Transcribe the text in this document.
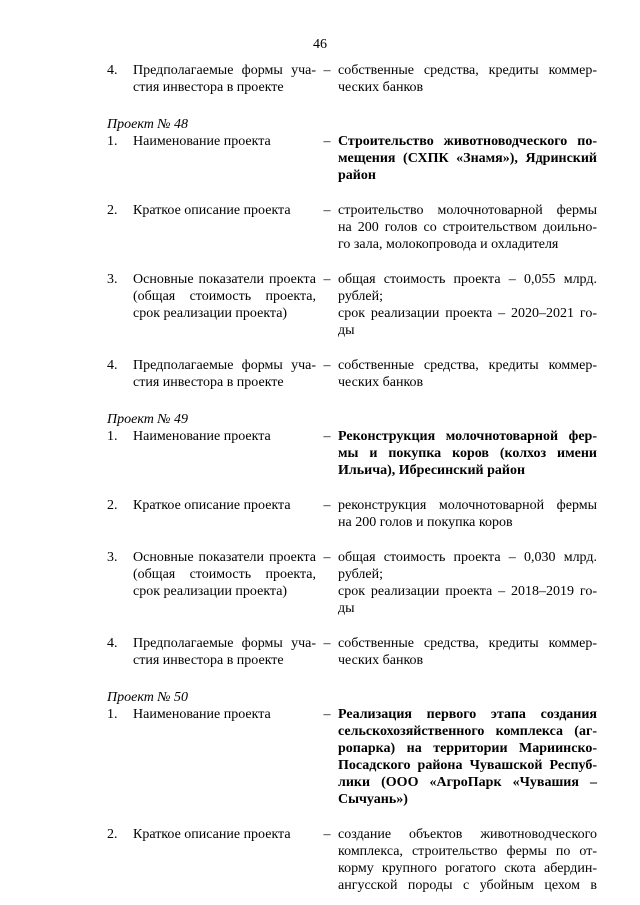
46
4.	Предполагаемые формы уча-
стия инвестора в проекте
– собственные средства, кредиты коммер-
ческих банков
Проект № 48
1.	Наименование проекта	– Строительство животноводческого по-
мещения (СХПК «Знамя»), Ядринский
район
2.	Краткое описание проекта	– строительство молочнотоварной фермы
на 200 голов со строительством доильно-
го зала, молокопровода и охладителя
3.	Основные показатели проекта
(общая стоимость проекта,
срок реализации проекта)
– общая стоимость проекта – 0,055 млрд.
рублей;
срок реализации проекта – 2020–2021 го-
ды
4.	Предполагаемые формы уча-
стия инвестора в проекте
– собственные средства, кредиты коммер-
ческих банков
Проект № 49
1.	Наименование проекта	– Реконструкция молочнотоварной фер-
мы и покупка коров (колхоз имени
Ильича), Ибресинский район
2.	Краткое описание проекта	– реконструкция молочнотоварной фермы
на 200 голов и покупка коров
3.	Основные показатели проекта
(общая стоимость проекта,
срок реализации проекта)
– общая стоимость проекта – 0,030 млрд.
рублей;
срок реализации проекта – 2018–2019 го-
ды
4.	Предполагаемые формы уча-
стия инвестора в проекте
– собственные средства, кредиты коммер-
ческих банков
Проект № 50
1.	Наименование проекта	– Реализация первого этапа создания
сельскохозяйственного комплекса (аг-
ропарка) на территории Мариинско-
Посадского района Чувашской Респуб-
лики (ООО «АгроПарк «Чувашия –
Сычуань»)
2.	Краткое описание проекта	– создание объектов животноводческого
комплекса, строительство фермы по от-
корму крупного рогатого скота абердин-
ангусской породы с убойным цехом в
